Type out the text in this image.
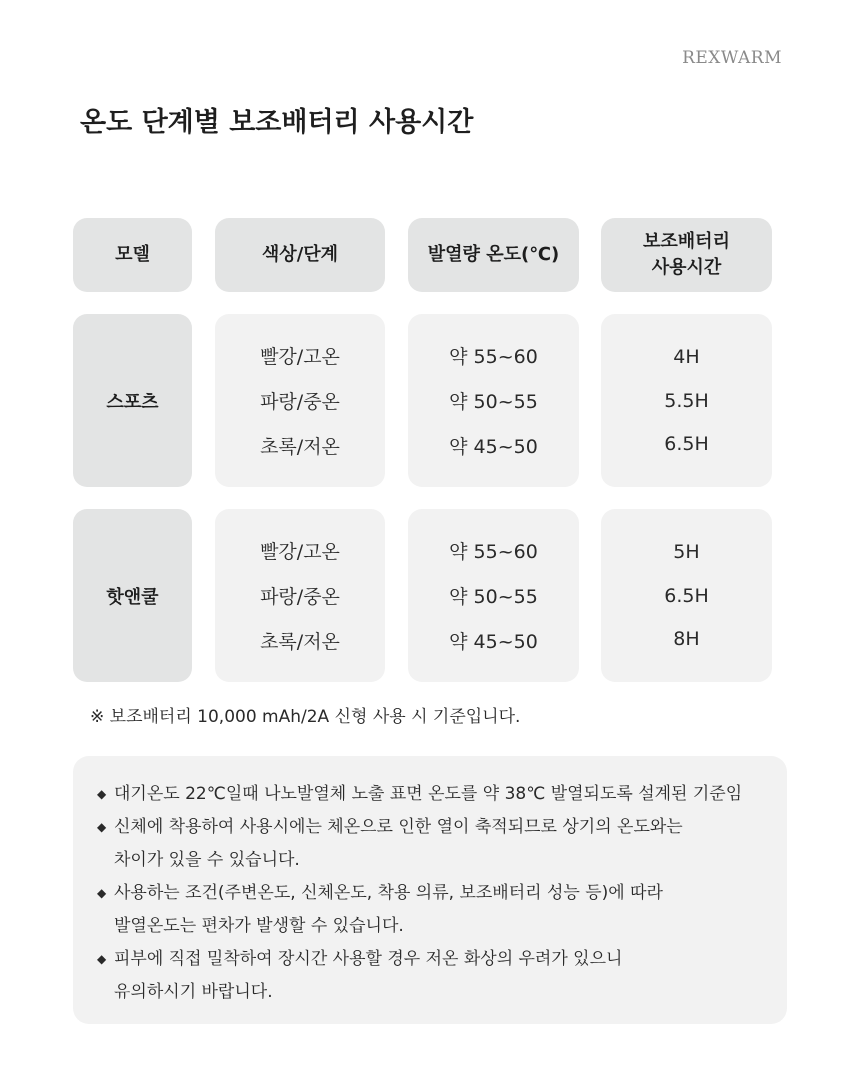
REXWARM
온도 단계별 보조배터리 사용시간
모델	색상/단계	발열량 온도(℃)
보조배터리
사용시간
스포츠
빨강/고온
파랑/중온
초록/저온
약 55~60
약 50~55
약 45~50
4H
5.5H
6.5H
핫앤쿨
빨강/고온
파랑/중온
초록/저온
약 55~60
약 50~55
약 45~50
5H
6.5H
8H
※ 보조배터리 10,000 mAh/2A 신형 사용 시 기준입니다.
◆ 대기온도 22℃일때 나노발열체 노출 표면 온도를 약 38℃ 발열되도록 설계된 기준임
◆ 신체에 착용하여 사용시에는 체온으로 인한 열이 축적되므로 상기의 온도와는
차이가 있을 수 있습니다.
◆ 사용하는 조건(주변온도, 신체온도, 착용 의류, 보조배터리 성능 등)에 따라
발열온도는 편차가 발생할 수 있습니다.
◆ 피부에 직접 밀착하여 장시간 사용할 경우 저온 화상의 우려가 있으니
유의하시기 바랍니다.
